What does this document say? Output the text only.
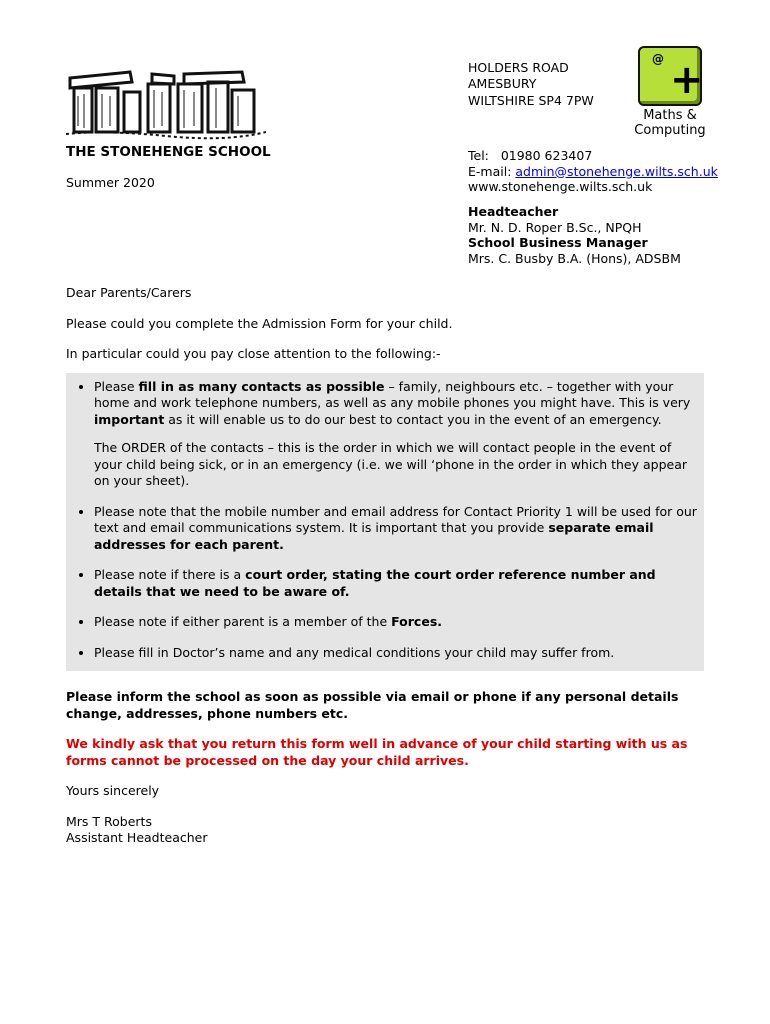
THE STONEHENGE SCHOOL
Summer 2020
HOLDERS ROAD
AMESBURY
WILTSHIRE SP4 7PW
@ +
Maths &
Computing
Tel: 01980 623407
E-mail: admin@stonehenge.wilts.sch.uk
www.stonehenge.wilts.sch.uk
Headteacher
Mr. N. D. Roper B.Sc., NPQH
School Business Manager
Mrs. C. Busby B.A. (Hons), ADSBM

Dear Parents/Carers

Please could you complete the Admission Form for your child.

In particular could you pay close attention to the following:-

• Please fill in as many contacts as possible – family, neighbours etc. – together with your home and work telephone numbers, as well as any mobile phones you might have. This is very important as it will enable us to do our best to contact you in the event of an emergency.

The ORDER of the contacts – this is the order in which we will contact people in the event of your child being sick, or in an emergency (i.e. we will ‘phone in the order in which they appear on your sheet).

• Please note that the mobile number and email address for Contact Priority 1 will be used for our text and email communications system. It is important that you provide separate email addresses for each parent.

• Please note if there is a court order, stating the court order reference number and details that we need to be aware of.

• Please note if either parent is a member of the Forces.

• Please fill in Doctor’s name and any medical conditions your child may suffer from.

Please inform the school as soon as possible via email or phone if any personal details change, addresses, phone numbers etc.

We kindly ask that you return this form well in advance of your child starting with us as forms cannot be processed on the day your child arrives.

Yours sincerely

Mrs T Roberts

Assistant Headteacher
